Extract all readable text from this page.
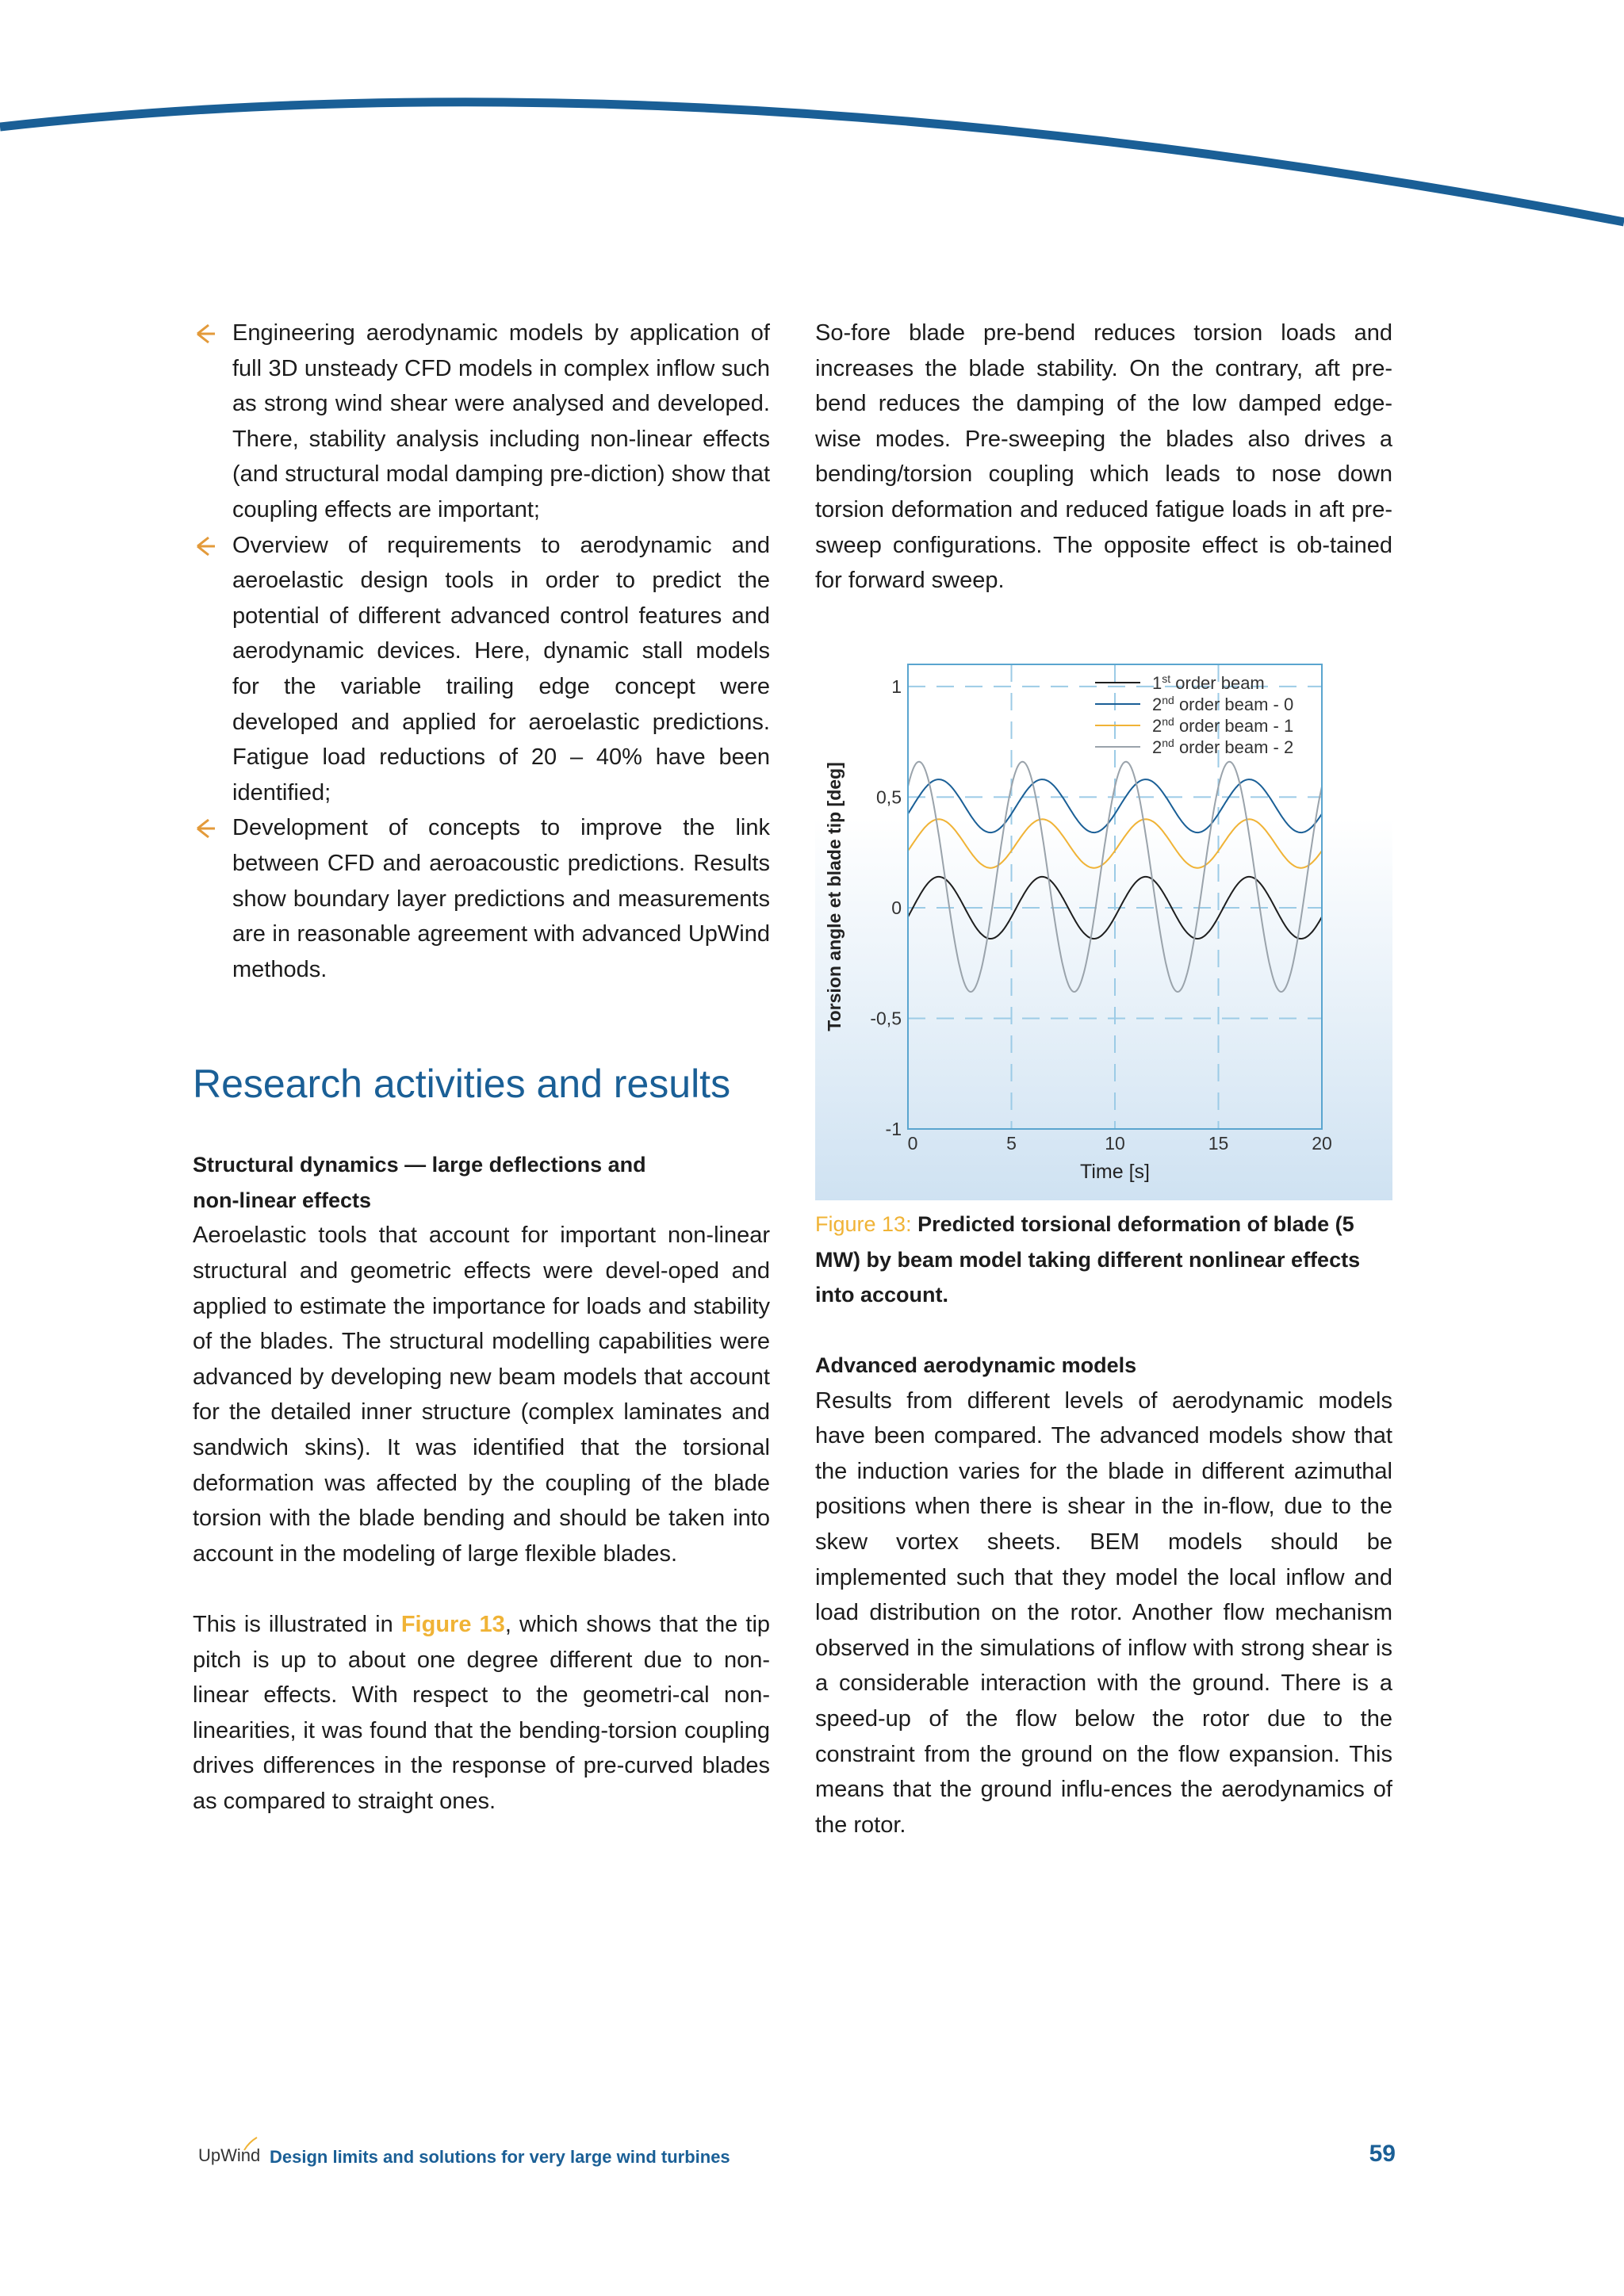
Engineering aerodynamic models by application of full 3D unsteady CFD models in complex inflow such as strong wind shear were analysed and developed. There, stability analysis including non-linear effects (and structural modal damping pre-diction) show that coupling effects are important;
Overview of requirements to aerodynamic and aeroelastic design tools in order to predict the potential of different advanced control features and aerodynamic devices. Here, dynamic stall models for the variable trailing edge concept were developed and applied for aeroelastic predictions. Fatigue load reductions of 20 – 40% have been identified;
Development of concepts to improve the link between CFD and aeroacoustic predictions. Results show boundary layer predictions and measurements are in reasonable agreement with advanced UpWind methods.
Research activities and results
Structural dynamics — large deflections and
non-linear effects

Aeroelastic tools that account for important non-linear structural and geometric effects were devel-oped and applied to estimate the importance for loads and stability of the blades. The structural modelling capabilities were advanced by developing new beam models that account for the detailed inner structure (complex laminates and sandwich skins). It was identified that the torsional deformation was affected by the coupling of the blade torsion with the blade bending and should be taken into account in the modeling of large flexible blades.

This is illustrated in Figure 13, which shows that the tip pitch is up to about one degree different due to non-linear effects. With respect to the geometri-cal non-linearities, it was found that the bending-torsion coupling drives differences in the response of pre-curved blades as compared to straight ones.

So-fore blade pre-bend reduces torsion loads and increases the blade stability. On the contrary, aft pre-bend reduces the damping of the low damped edge-wise modes. Pre-sweeping the blades also drives a bending/torsion coupling which leads to nose down torsion deformation and reduced fatigue loads in aft pre-sweep configurations. The opposite effect is ob-tained for forward sweep.

1st order beam
2nd order beam - 0
2nd order beam - 1
2nd order beam - 2
Torsion angle et blade tip [deg]
Time [s]
0	5	10	15	20
1
0,5
0
-0,5
-1
Figure 13: Predicted torsional deformation of blade (5 MW) by beam model taking different nonlinear effects into account.
Advanced aerodynamic models

Results from different levels of aerodynamic models have been compared. The advanced models show that the induction varies for the blade in different azimuthal positions when there is shear in the in-flow, due to the skew vortex sheets. BEM models should be implemented such that they model the local inflow and load distribution on the rotor. Another flow mechanism observed in the simulations of inflow with strong shear is a considerable interaction with the ground. There is a speed-up of the flow below the rotor due to the constraint from the ground on the flow expansion. This means that the ground influ-ences the aerodynamics of the rotor.

UpWind Design limits and solutions for very large wind turbines	59
